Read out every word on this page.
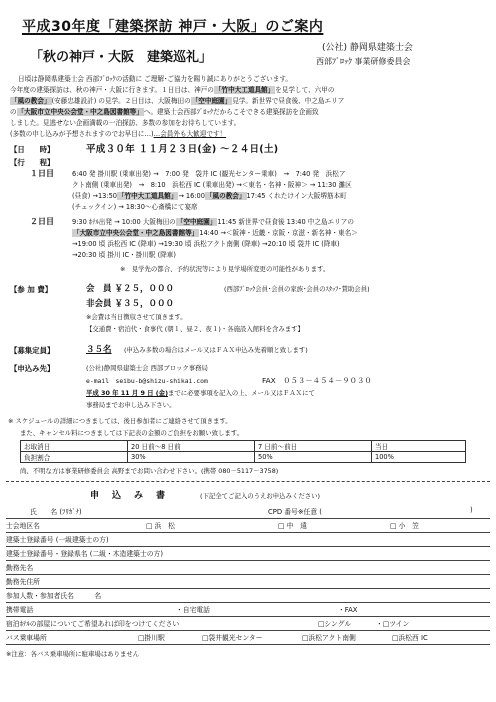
平成30年度「建築探訪 神戸・大阪」のご案内
「秋の神戸・大阪　建築巡礼」
(公社) 静岡県建築士会
西部ﾌﾞﾛｯｸ 事業研修委員会
日頃は静岡県建築士会 西部ﾌﾞﾛｯｸの活動に ご理解･ご協力を賜り誠にありがとうございます。
今年度の建築探訪は、秋の神戸・大阪に行きます。１日目は、神戸の「竹中大工道具館」を見学して、六甲の
「風の教会」(安藤忠雄設計) の見学。２日目は、大阪梅田の「空中庭園」見学。新世界で昼食後、中之島エリア
の「大阪市立中央公会堂・中之島図書館等」へ。建築士会西部ﾌﾞﾛｯｸだからこそできる建築探訪を企画致
しました。見逃せない企画満載の一泊探訪、多数の参加をお待ちしています。
(多数の申し込みが予想されますのでお早目に…)…会員外も大歓迎です！
【日　　時】	平成３０年 １１月２３日(金) 〜２４日(土)
【行　　程】
１日目	6:40 発 掛川駅 (乗車出発) →　7:00 発　袋井 IC (観光センター乗車)　→　7:40 発　浜松ア
クト南側 (乗車出発)　→　8:10　浜松西 IC (乗車出発) →＜東名・名神・阪神＞ → 11:30 灘区
(昼食) →13:50「竹中大工道具館」→ 16:00「風の教会」17:45 くれたけイン大阪堺筋本町
(チェックイン) → 18:30〜心斎橋にて宴席
２日目	9:30 ﾎﾃﾙ出発 → 10:00 大阪梅田の「空中庭園」11:45 新世界で昼食後 13:40 中之島エリアの
「大阪市立中央公会堂・中之島図書館等」14:40 →＜阪神・近畿・京阪・京滋・新名神・東名＞
→19:00 頃 浜松西 IC (降車) →19:30 頃 浜松アクト南側 (降車) →20:10 頃 袋井 IC (降車)
→20:30 頃 掛川 IC・掛川駅 (降車)
※　見学先の都合、予約状況等により見学場所変更の可能性があります。
【参 加 費】	会　員 ￥２５，０００	(西部ﾌﾞﾛｯｸ会員･会員の家族･会員のｽﾀｯﾌ･賛助会員)
非会員 ￥３５，０００
※会費は当日徴収させて頂きます。
【交通費・宿泊代・食事代 (朝１、昼２、夜１)・各施設入館料を含みます】
【募集定員】	３５名 (申込み多数の場合はメール又はＦＡＸ申込み先着順と致します)
【申込み先】	(公社)静岡県建築士会 西部ブロック事務局
e-mail　seibu-b@shizu-shikai.com	FAX　０５３－４５４－９０３０
平成 30 年 11 月 9 日 (金)までに必要事項を記入の上、メール又はＦＡＸにて
事務局までお申し込み下さい。
※ スケジュールの詳細につきましては、後日参加者にご連絡させて頂きます。
また、キャンセル料につきましては下記表の金額のご負担をお願い致します。
お取消日	20 日前〜8 日前	7 日前〜前日	当日
負担割合	30%	50%	100%
尚、不明な方は事業研修委員会 高野までお問い合わせ下さい。(携帯 080－5117－3758)
申　込　み　書	(下記全てご記入のうえお申込みください)
氏　　名 (ﾌﾘｶﾞﾅ)	CPD 番号※任意 (	)
士会地区名	□ 浜　松	□ 中　遠	□ 小　笠
建築士登録番号 (一級建築士の方)
建築士登録番号・登録県名 (二級・木造建築士の方)
勤務先名
勤務先住所
参加人数・参加者氏名　　　名
携帯電話	・自宅電話	・FAX
宿泊ﾎﾃﾙの部屋についてご希望あれば印をつけてください	□シングル	・□ツイン
バス乗車場所	□掛川駅	□袋井観光センター	□浜松アクト南側	□浜松西 IC
※注意：各バス乗車場所に駐車場はありません
